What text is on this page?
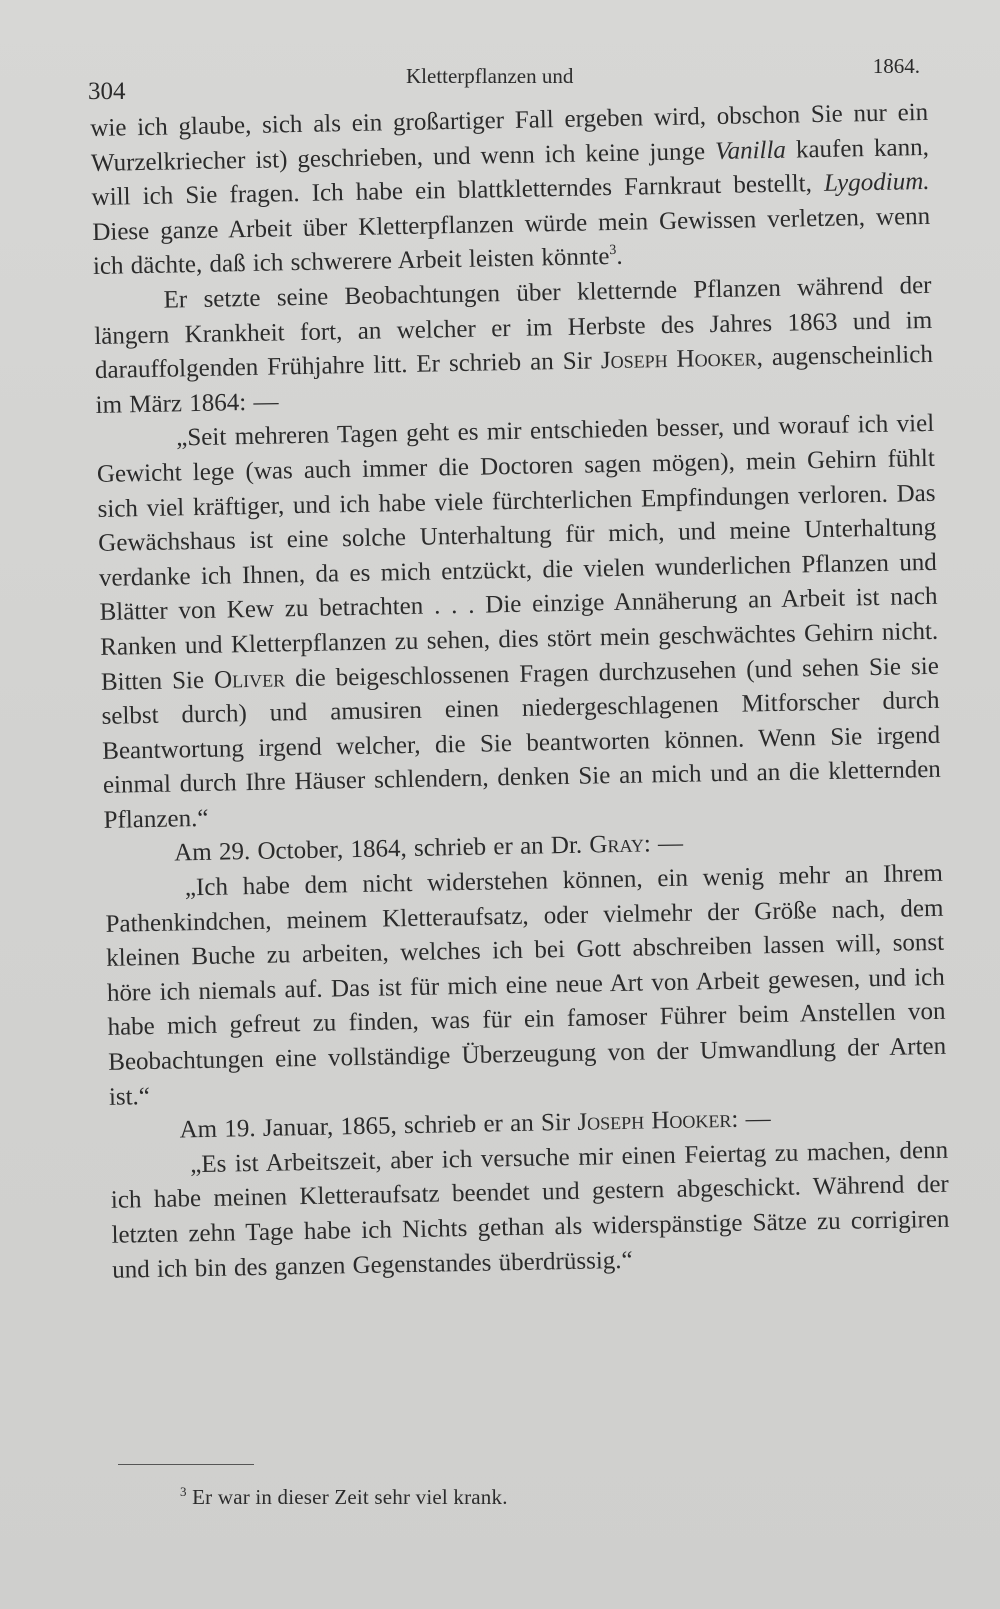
304
Kletterpflanzen und	1864.

wie ich glaube, sich als ein großartiger Fall ergeben wird, obschon Sie nur ein Wurzelkriecher ist) geschrieben, und wenn ich keine junge Vanilla kaufen kann, will ich Sie fragen. Ich habe ein blattkletterndes Farnkraut bestellt, Lygodium. Diese ganze Arbeit über Kletterpflanzen würde mein Gewissen verletzen, wenn ich dächte, daß ich schwerere Arbeit leisten könnte$^3$.

Er setzte seine Beobachtungen über kletternde Pflanzen während der längern Krankheit fort, an welcher er im Herbste des Jahres 1863 und im darauffolgenden Frühjahre litt. Er schrieb an Sir Joseph Hooker, augenscheinlich im März 1864: —

„Seit mehreren Tagen geht es mir entschieden besser, und worauf ich viel Gewicht lege (was auch immer die Doctoren sagen mögen), mein Gehirn fühlt sich viel kräftiger, und ich habe viele fürchterlichen Empfindungen verloren. Das Gewächshaus ist eine solche Unterhaltung für mich, und meine Unterhaltung verdanke ich Ihnen, da es mich entzückt, die vielen wunderlichen Pflanzen und Blätter von Kew zu betrachten . . . Die einzige Annäherung an Arbeit ist nach Ranken und Kletterpflanzen zu sehen, dies stört mein geschwächtes Gehirn nicht. Bitten Sie Oliver die beigeschlossenen Fragen durchzusehen (und sehen Sie sie selbst durch) und amusiren einen niedergeschlagenen Mitforscher durch Beantwortung irgend welcher, die Sie beantworten können. Wenn Sie irgend einmal durch Ihre Häuser schlendern, denken Sie an mich und an die kletternden Pflanzen.“

Am 29. October, 1864, schrieb er an Dr. Gray: —

„Ich habe dem nicht widerstehen können, ein wenig mehr an Ihrem Pathenkindchen, meinem Kletteraufsatz, oder vielmehr der Größe nach, dem kleinen Buche zu arbeiten, welches ich bei Gott abschreiben lassen will, sonst höre ich niemals auf. Das ist für mich eine neue Art von Arbeit gewesen, und ich habe mich gefreut zu finden, was für ein famoser Führer beim Anstellen von Beobachtungen eine vollständige Überzeugung von der Umwandlung der Arten ist.“

Am 19. Januar, 1865, schrieb er an Sir Joseph Hooker: —

„Es ist Arbeitszeit, aber ich versuche mir einen Feiertag zu machen, denn ich habe meinen Kletteraufsatz beendet und gestern abgeschickt. Während der letzten zehn Tage habe ich Nichts gethan als widerspänstige Sätze zu corrigiren und ich bin des ganzen Gegenstandes überdrüssig.“

$^3$ Er war in dieser Zeit sehr viel krank.
